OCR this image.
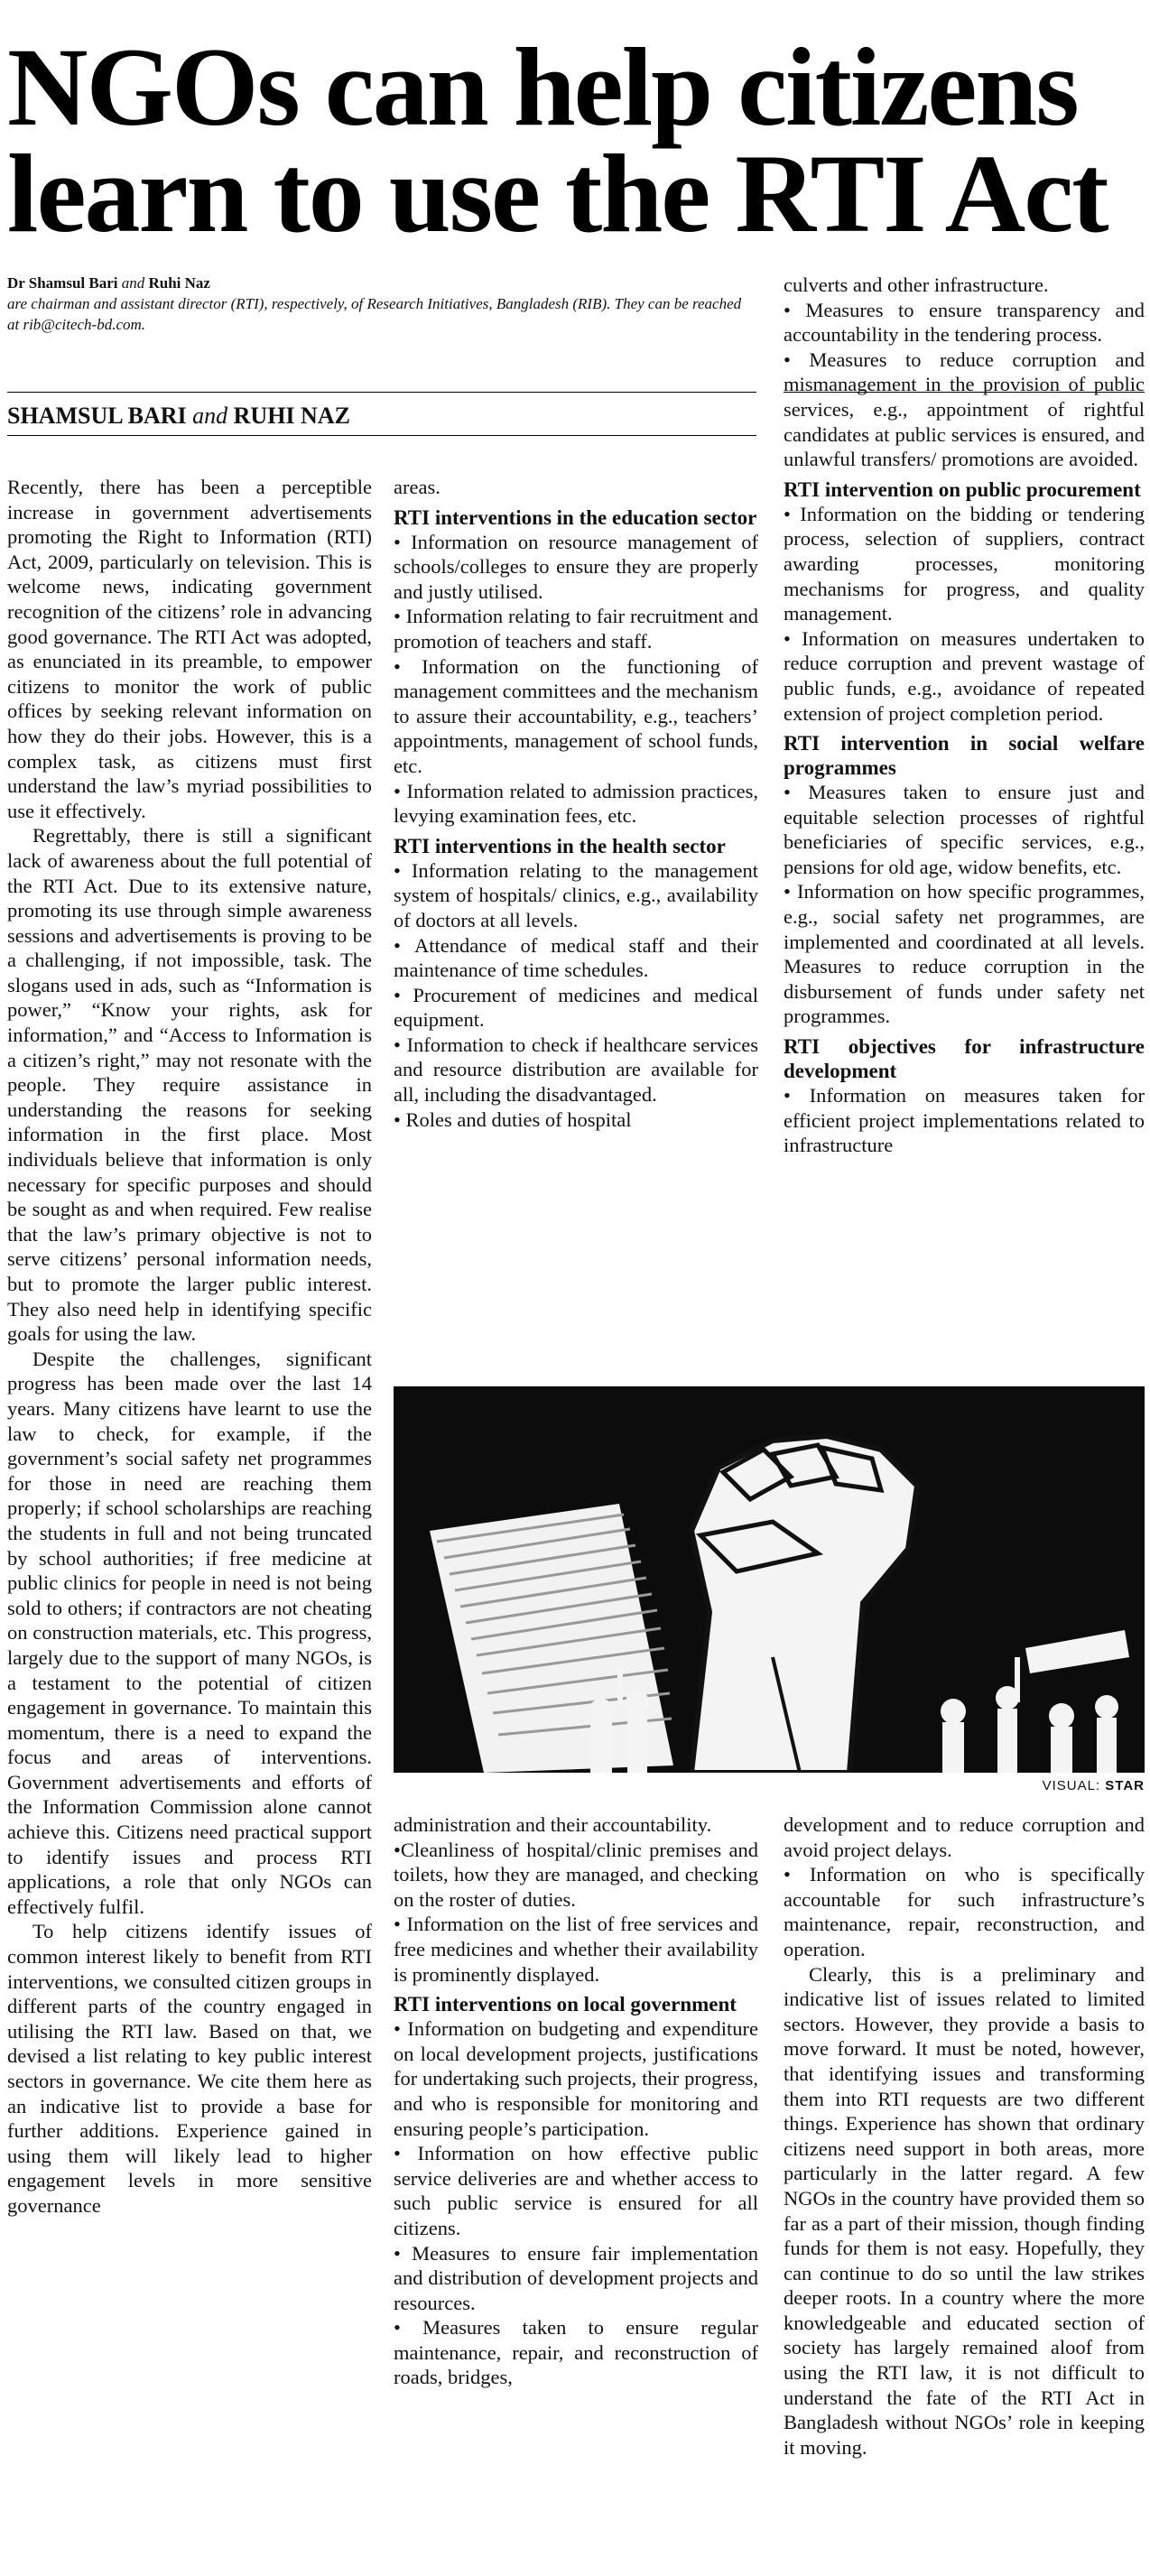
NGOs can help citizens learn to use the RTI Act
Dr Shamsul Bari and Ruhi Naz
are chairman and assistant director (RTI), respectively, of Research Initiatives, Bangladesh (RIB). They can be reached at rib@citech-bd.com.
SHAMSUL BARI and RUHI NAZ

Recently, there has been a perceptible increase in government advertisements promoting the Right to Information (RTI) Act, 2009, particularly on television. This is welcome news, indicating government recognition of the citizens’ role in advancing good governance. The RTI Act was adopted, as enunciated in its preamble, to empower citizens to monitor the work of public offices by seeking relevant information on how they do their jobs. However, this is a complex task, as citizens must first understand the law’s myriad possibilities to use it effectively.

Regrettably, there is still a significant lack of awareness about the full potential of the RTI Act. Due to its extensive nature, promoting its use through simple awareness sessions and advertisements is proving to be a challenging, if not impossible, task. The slogans used in ads, such as “Information is power,” “Know your rights, ask for information,” and “Access to Information is a citizen’s right,” may not resonate with the people. They require assistance in understanding the reasons for seeking information in the first place. Most individuals believe that information is only necessary for specific purposes and should be sought as and when required. Few realise that the law’s primary objective is not to serve citizens’ personal information needs, but to promote the larger public interest. They also need help in identifying specific goals for using the law.

Despite the challenges, significant progress has been made over the last 14 years. Many citizens have learnt to use the law to check, for example, if the government’s social safety net programmes for those in need are reaching them properly; if school scholarships are reaching the students in full and not being truncated by school authorities; if free medicine at public clinics for people in need is not being sold to others; if contractors are not cheating on construction materials, etc. This progress, largely due to the support of many NGOs, is a testament to the potential of citizen engagement in governance. To maintain this momentum, there is a need to expand the focus and areas of interventions. Government advertisements and efforts of the Information Commission alone cannot achieve this. Citizens need practical support to identify issues and process RTI applications, a role that only NGOs can effectively fulfil.

To help citizens identify issues of common interest likely to benefit from RTI interventions, we consulted citizen groups in different parts of the country engaged in utilising the RTI law. Based on that, we devised a list relating to key public interest sectors in governance. We cite them here as an indicative list to provide a base for further additions. Experience gained in using them will likely lead to higher engagement levels in more sensitive governance

areas.

RTI interventions in the education sector

• Information on resource management of schools/colleges to ensure they are properly and justly utilised.

• Information relating to fair recruitment and promotion of teachers and staff.

• Information on the functioning of management committees and the mechanism to assure their accountability, e.g., teachers’ appointments, management of school funds, etc.

• Information related to admission practices, levying examination fees, etc.

RTI interventions in the health sector

• Information relating to the management system of hospitals/ clinics, e.g., availability of doctors at all levels.

• Attendance of medical staff and their maintenance of time schedules.

• Procurement of medicines and medical equipment.

• Information to check if healthcare services and resource distribution are available for all, including the disadvantaged.

• Roles and duties of hospital

culverts and other infrastructure.

• Measures to ensure transparency and accountability in the tendering process.

• Measures to reduce corruption and mismanagement in the provision of public services, e.g., appointment of rightful candidates at public services is ensured, and unlawful transfers/ promotions are avoided.

RTI intervention on public procurement

• Information on the bidding or tendering process, selection of suppliers, contract awarding processes, monitoring mechanisms for progress, and quality management.

• Information on measures undertaken to reduce corruption and prevent wastage of public funds, e.g., avoidance of repeated extension of project completion period.

RTI intervention in social welfare programmes

• Measures taken to ensure just and equitable selection processes of rightful beneficiaries of specific services, e.g., pensions for old age, widow benefits, etc.

• Information on how specific programmes, e.g., social safety net programmes, are implemented and coordinated at all levels. Measures to reduce corruption in the disbursement of funds under safety net programmes.

RTI objectives for infrastructure development

• Information on measures taken for efficient project implementations related to infrastructure

VISUAL: STAR

administration and their accountability.

•Cleanliness of hospital/clinic premises and toilets, how they are managed, and checking on the roster of duties.

• Information on the list of free services and free medicines and whether their availability is prominently displayed.

RTI interventions on local government

• Information on budgeting and expenditure on local development projects, justifications for undertaking such projects, their progress, and who is responsible for monitoring and ensuring people’s participation.

• Information on how effective public service deliveries are and whether access to such public service is ensured for all citizens.

• Measures to ensure fair implementation and distribution of development projects and resources.

• Measures taken to ensure regular maintenance, repair, and reconstruction of roads, bridges,

development and to reduce corruption and avoid project delays.

• Information on who is specifically accountable for such infrastructure’s maintenance, repair, reconstruction, and operation.

Clearly, this is a preliminary and indicative list of issues related to limited sectors. However, they provide a basis to move forward. It must be noted, however, that identifying issues and transforming them into RTI requests are two different things. Experience has shown that ordinary citizens need support in both areas, more particularly in the latter regard. A few NGOs in the country have provided them so far as a part of their mission, though finding funds for them is not easy. Hopefully, they can continue to do so until the law strikes deeper roots. In a country where the more knowledgeable and educated section of society has largely remained aloof from using the RTI law, it is not difficult to understand the fate of the RTI Act in Bangladesh without NGOs’ role in keeping it moving.
